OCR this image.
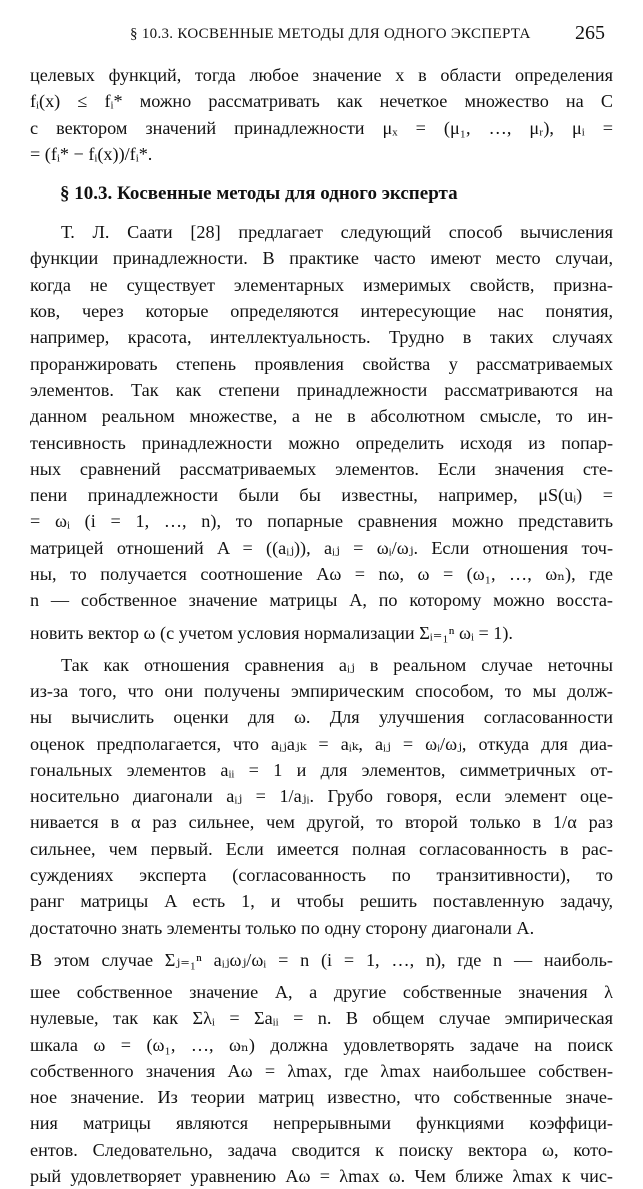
§ 10.3. КОСВЕННЫЕ МЕТОДЫ ДЛЯ ОДНОГО ЭКСПЕРТА 265
целевых функций, тогда любое значение x в области определения
fᵢ(x) ≤ fᵢ* можно рассматривать как нечеткое множество на C
с вектором значений принадлежности μₓ = (μ₁, …, μᵣ), μᵢ =
= (fᵢ* − fᵢ(x))/fᵢ*.
§ 10.3. Косвенные методы для одного эксперта
Т. Л. Саати [28] предлагает следующий способ вычисления
функции принадлежности. В практике часто имеют место случаи,
когда не существует элементарных измеримых свойств, призна-
ков, через которые определяются интересующие нас понятия,
например, красота, интеллектуальность. Трудно в таких случаях
проранжировать степень проявления свойства у рассматриваемых
элементов. Так как степени принадлежности рассматриваются на
данном реальном множестве, а не в абсолютном смысле, то ин-
тенсивность принадлежности можно определить исходя из попар-
ных сравнений рассматриваемых элементов. Если значения сте-
пени принадлежности были бы известны, например, μS(uᵢ) =
= ωᵢ (i = 1, …, n), то попарные сравнения можно представить
матрицей отношений A = ((aᵢⱼ)), aᵢⱼ = ωᵢ/ωⱼ. Если отношения точ-
ны, то получается соотношение Aω = nω, ω = (ω₁, …, ωₙ), где
n — собственное значение матрицы A, по которому можно восста-
новить вектор ω (с учетом условия нормализации Σᵢ₌₁ⁿ ωᵢ = 1).
Так как отношения сравнения aᵢⱼ в реальном случае неточны
из-за того, что они получены эмпирическим способом, то мы долж-
ны вычислить оценки для ω. Для улучшения согласованности
оценок предполагается, что aᵢⱼaⱼₖ = aᵢₖ, aᵢⱼ = ωᵢ/ωⱼ, откуда для диа-
гональных элементов aᵢᵢ = 1 и для элементов, симметричных от-
носительно диагонали aᵢⱼ = 1/aⱼᵢ. Грубо говоря, если элемент оце-
нивается в α раз сильнее, чем другой, то второй только в 1/α раз
сильнее, чем первый. Если имеется полная согласованность в рас-
суждениях эксперта (согласованность по транзитивности), то
ранг матрицы A есть 1, и чтобы решить поставленную задачу,
достаточно знать элементы только по одну сторону диагонали A.
В этом случае Σⱼ₌₁ⁿ aᵢⱼωⱼ/ωᵢ = n (i = 1, …, n), где n — наиболь-
шее собственное значение A, а другие собственные значения λ
нулевые, так как Σλᵢ = Σaᵢᵢ = n. В общем случае эмпирическая
шкала ω = (ω₁, …, ωₙ) должна удовлетворять задаче на поиск
собственного значения Aω = λmax, где λmax наибольшее собствен-
ное значение. Из теории матриц известно, что собственные значе-
ния матрицы являются непрерывными функциями коэффици-
ентов. Следовательно, задача сводится к поиску вектора ω, кото-
рый удовлетворяет уравнению Aω = λmax ω. Чем ближе λmax к чис-
